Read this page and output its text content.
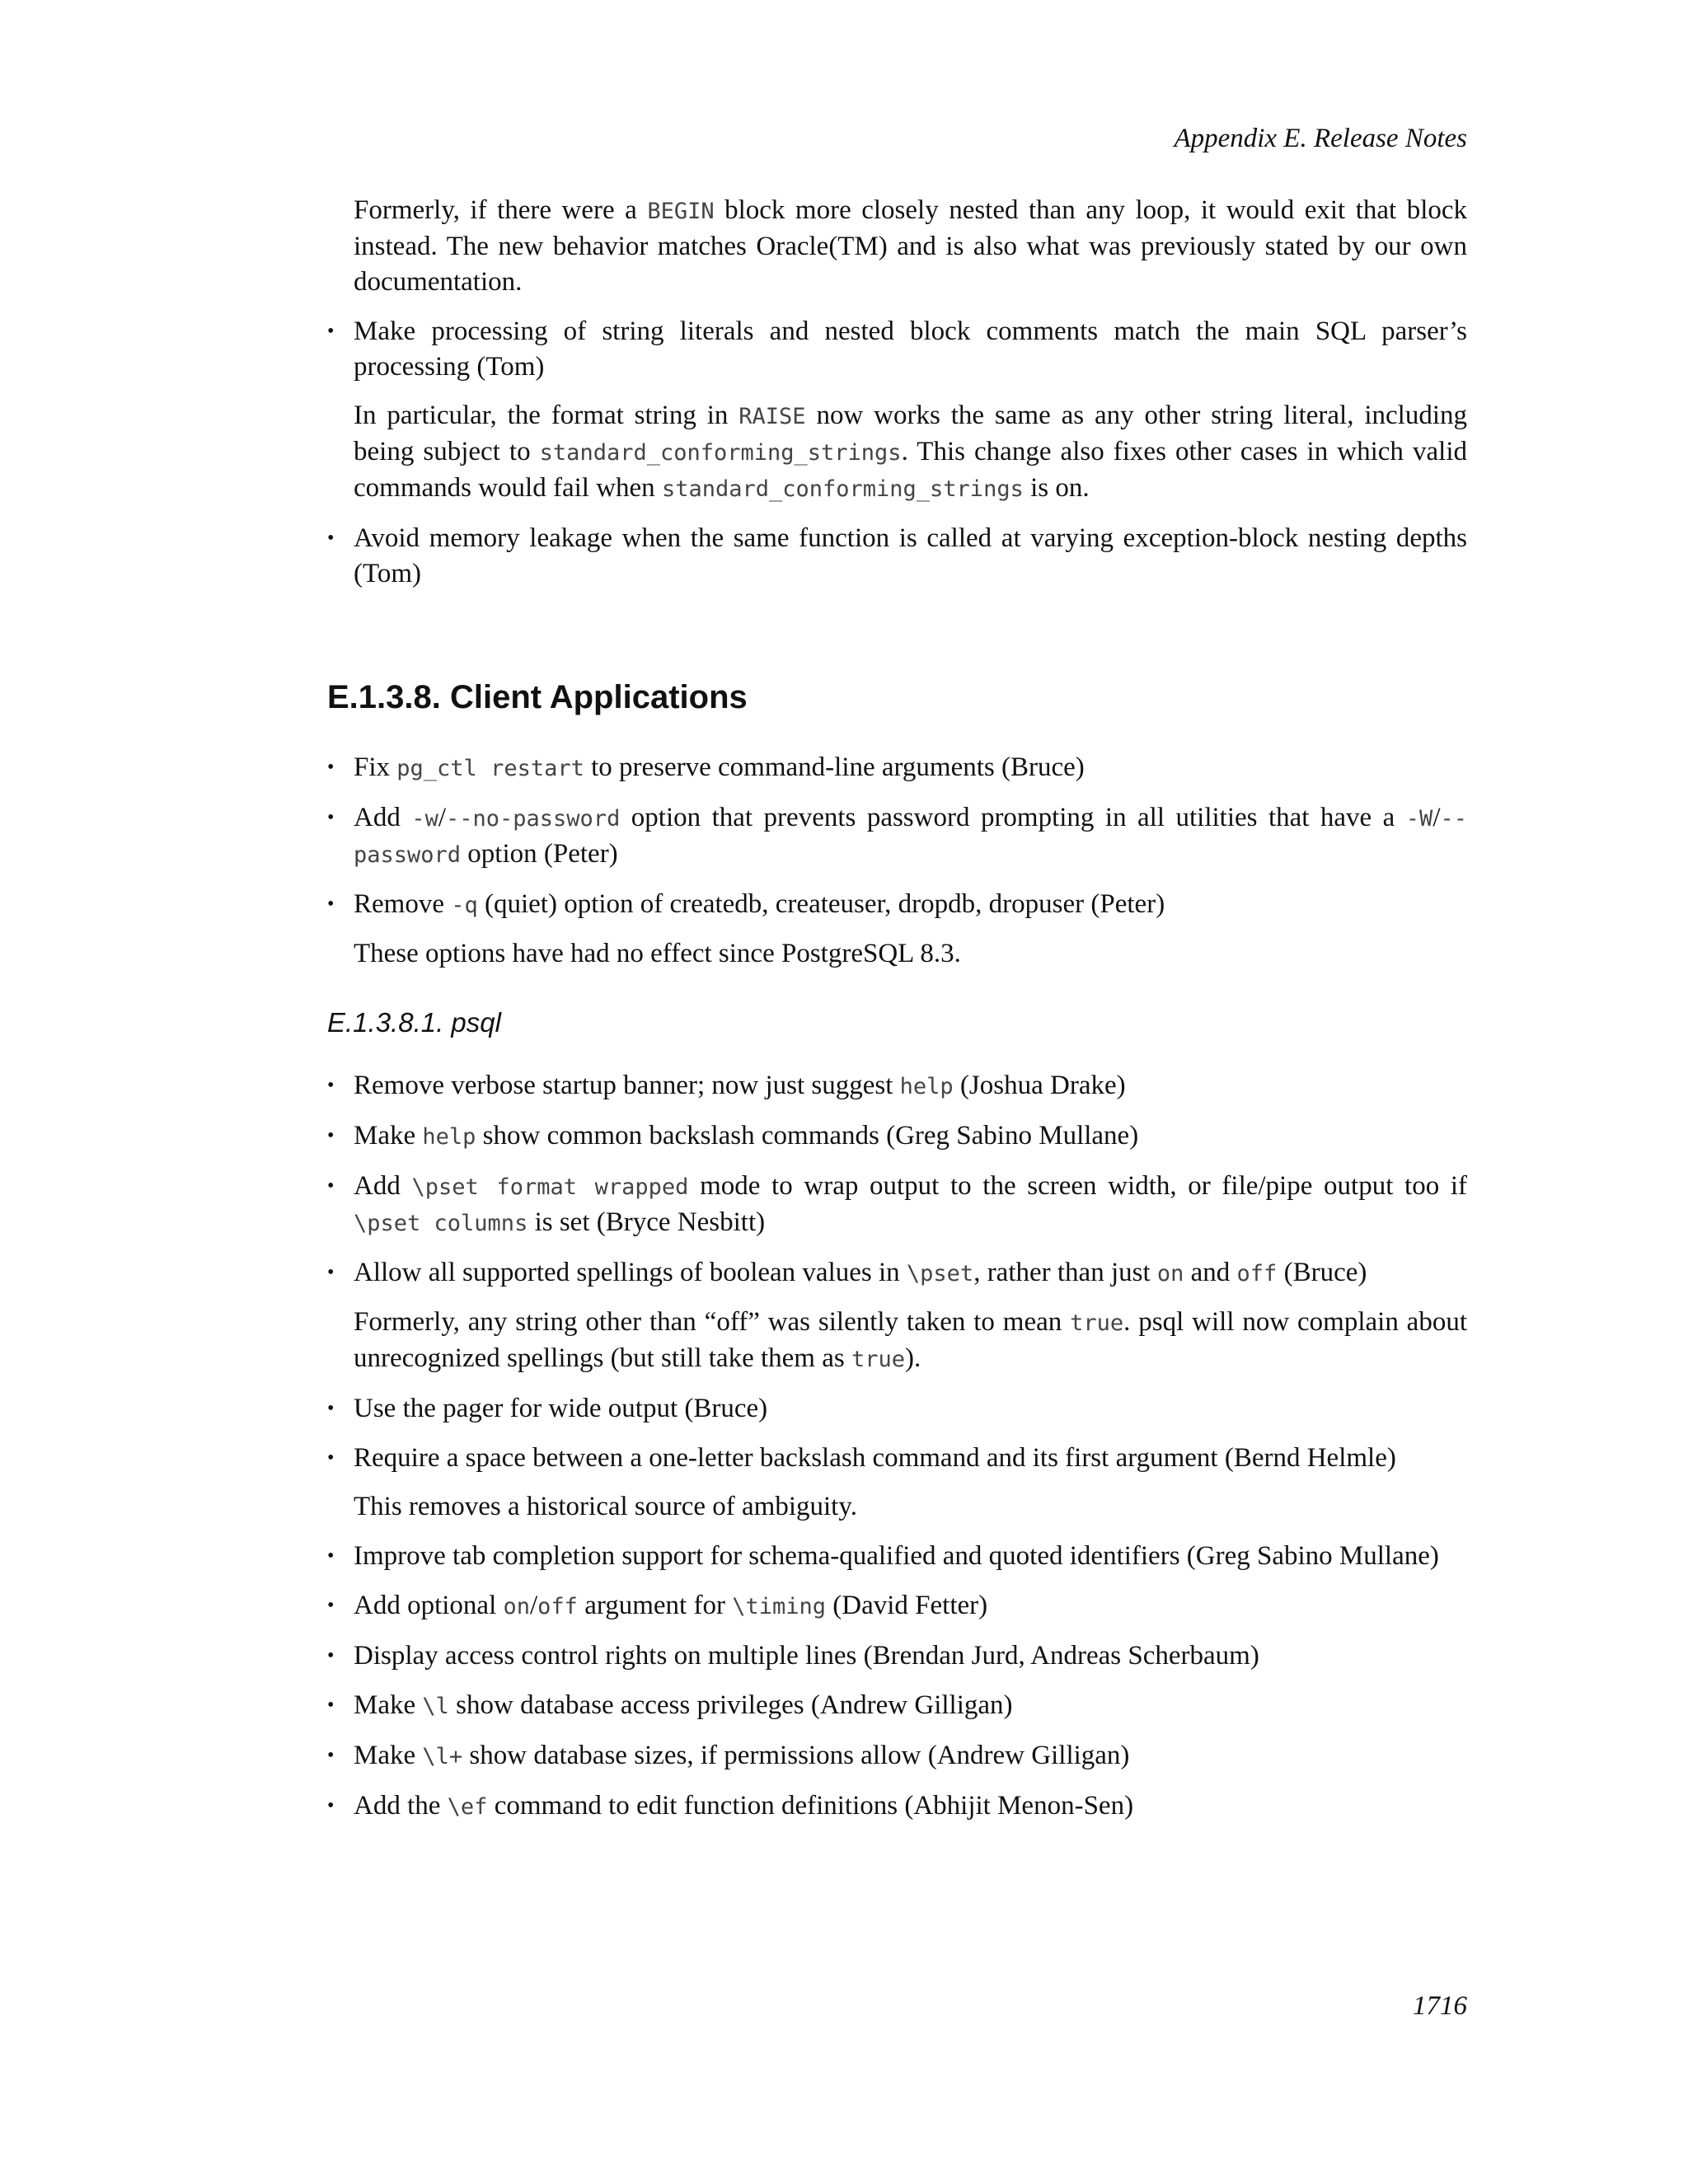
Appendix E. Release Notes

Formerly, if there were a BEGIN block more closely nested than any loop, it would exit that block instead. The new behavior matches Oracle(TM) and is also what was previously stated by our own documentation.

• Make processing of string literals and nested block comments match the main SQL parser’s processing (Tom)

In particular, the format string in RAISE now works the same as any other string literal, including being subject to standard_conforming_strings. This change also fixes other cases in which valid commands would fail when standard_conforming_strings is on.

• Avoid memory leakage when the same function is called at varying exception-block nesting depths (Tom)

E.1.3.8. Client Applications
• Fix pg_ctl restart to preserve command-line arguments (Bruce)

• Add -w/--no-password option that prevents password prompting in all utilities that have a -W/--password option (Peter)

• Remove -q (quiet) option of createdb, createuser, dropdb, dropuser (Peter)

These options have had no effect since PostgreSQL 8.3.

E.1.3.8.1. psql
• Remove verbose startup banner; now just suggest help (Joshua Drake)

• Make help show common backslash commands (Greg Sabino Mullane)

• Add \pset format wrapped mode to wrap output to the screen width, or file/pipe output too if \pset columns is set (Bryce Nesbitt)

• Allow all supported spellings of boolean values in \pset, rather than just on and off (Bruce)

Formerly, any string other than “off” was silently taken to mean true. psql will now complain about unrecognized spellings (but still take them as true).

• Use the pager for wide output (Bruce)

• Require a space between a one-letter backslash command and its first argument (Bernd Helmle)

This removes a historical source of ambiguity.

• Improve tab completion support for schema-qualified and quoted identifiers (Greg Sabino Mullane)

• Add optional on/off argument for \timing (David Fetter)

• Display access control rights on multiple lines (Brendan Jurd, Andreas Scherbaum)

• Make \l show database access privileges (Andrew Gilligan)

• Make \l+ show database sizes, if permissions allow (Andrew Gilligan)

• Add the \ef command to edit function definitions (Abhijit Menon-Sen)

1716
